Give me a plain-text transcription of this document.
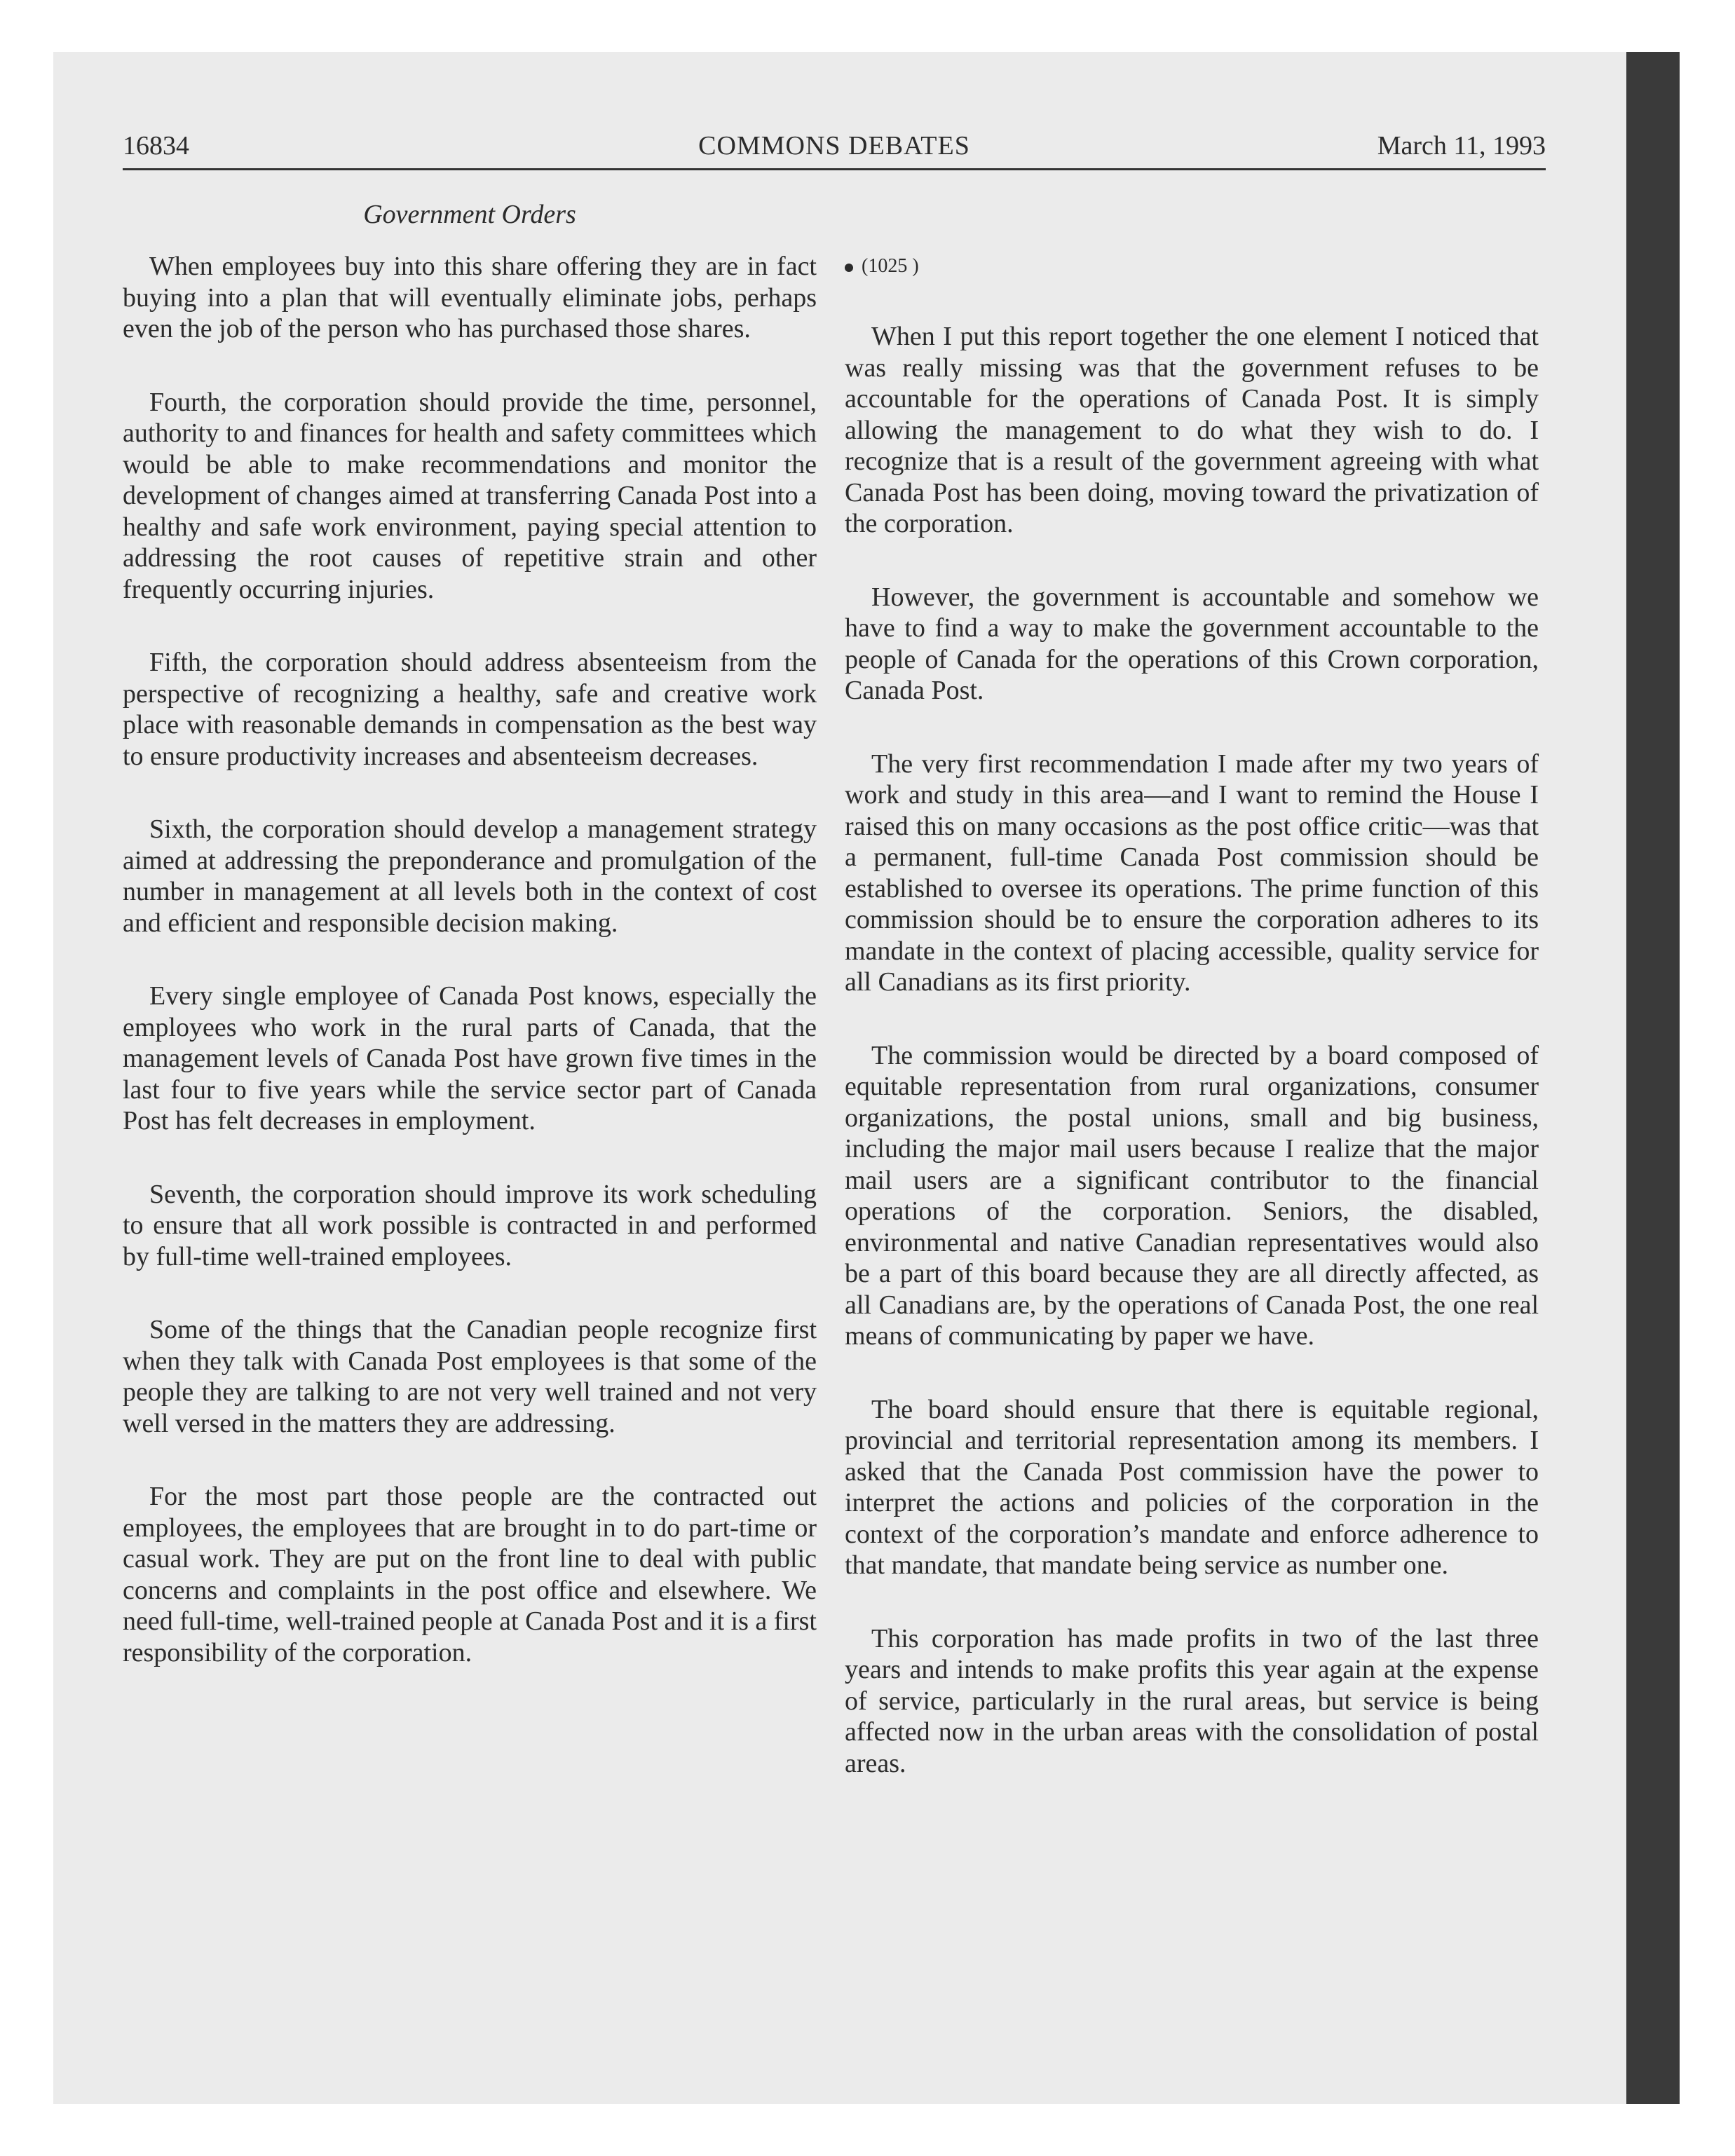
16834	COMMONS DEBATES	March 11, 1993
Government Orders

When employees buy into this share offering they are in fact buying into a plan that will eventually eliminate jobs, perhaps even the job of the person who has purchased those shares.

Fourth, the corporation should provide the time, personnel, authority to and finances for health and safety committees which would be able to make recommendations and monitor the development of changes aimed at transferring Canada Post into a healthy and safe work environment, paying special attention to addressing the root causes of repetitive strain and other frequently occurring injuries.

Fifth, the corporation should address absenteeism from the perspective of recognizing a healthy, safe and creative work place with reasonable demands in compensation as the best way to ensure productivity increases and absenteeism decreases.

Sixth, the corporation should develop a management strategy aimed at addressing the preponderance and promulgation of the number in management at all levels both in the context of cost and efficient and responsible decision making.

Every single employee of Canada Post knows, especially the employees who work in the rural parts of Canada, that the management levels of Canada Post have grown five times in the last four to five years while the service sector part of Canada Post has felt decreases in employment.

Seventh, the corporation should improve its work scheduling to ensure that all work possible is contracted in and performed by full-time well-trained employees.

Some of the things that the Canadian people recognize first when they talk with Canada Post employees is that some of the people they are talking to are not very well trained and not very well versed in the matters they are addressing.

For the most part those people are the contracted out employees, the employees that are brought in to do part-time or casual work. They are put on the front line to deal with public concerns and complaints in the post office and elsewhere. We need full-time, well-trained people at Canada Post and it is a first responsibility of the corporation.

(1025 )

When I put this report together the one element I noticed that was really missing was that the government refuses to be accountable for the operations of Canada Post. It is simply allowing the management to do what they wish to do. I recognize that is a result of the government agreeing with what Canada Post has been doing, moving toward the privatization of the corporation.

However, the government is accountable and somehow we have to find a way to make the government accountable to the people of Canada for the operations of this Crown corporation, Canada Post.

The very first recommendation I made after my two years of work and study in this area—and I want to remind the House I raised this on many occasions as the post office critic—was that a permanent, full-time Canada Post commission should be established to oversee its operations. The prime function of this commission should be to ensure the corporation adheres to its mandate in the context of placing accessible, quality service for all Canadians as its first priority.

The commission would be directed by a board composed of equitable representation from rural organizations, consumer organizations, the postal unions, small and big business, including the major mail users because I realize that the major mail users are a significant contributor to the financial operations of the corporation. Seniors, the disabled, environmental and native Canadian representatives would also be a part of this board because they are all directly affected, as all Canadians are, by the operations of Canada Post, the one real means of communicating by paper we have.

The board should ensure that there is equitable regional, provincial and territorial representation among its members. I asked that the Canada Post commission have the power to interpret the actions and policies of the corporation in the context of the corporation’s mandate and enforce adherence to that mandate, that mandate being service as number one.

This corporation has made profits in two of the last three years and intends to make profits this year again at the expense of service, particularly in the rural areas, but service is being affected now in the urban areas with the consolidation of postal areas.
